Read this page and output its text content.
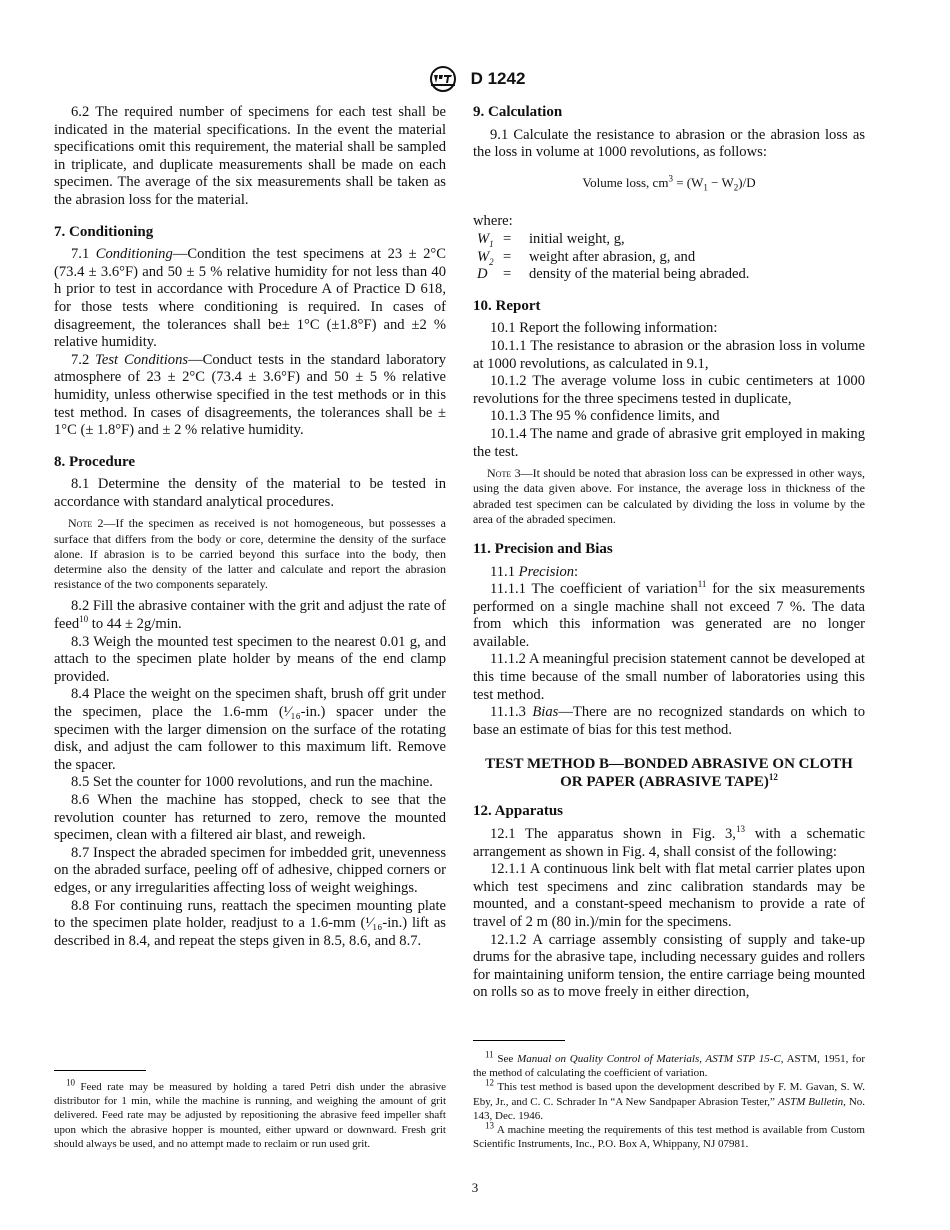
D 1242

6.2 The required number of specimens for each test shall be indicated in the material specifications. In the event the material specifications omit this requirement, the material shall be sampled in triplicate, and duplicate measurements shall be made on each specimen. The average of the six measurements shall be taken as the abrasion loss for the material.

7. Conditioning

7.1 Conditioning—Condition the test specimens at 23 ± 2°C (73.4 ± 3.6°F) and 50 ± 5 % relative humidity for not less than 40 h prior to test in accordance with Procedure A of Practice D 618, for those tests where conditioning is required. In cases of disagreement, the tolerances shall be± 1°C (±1.8°F) and ±2 % relative humidity.

7.2 Test Conditions—Conduct tests in the standard laboratory atmosphere of 23 ± 2°C (73.4 ± 3.6°F) and 50 ± 5 % relative humidity, unless otherwise specified in the test methods or in this test method. In cases of disagreements, the tolerances shall be ± 1°C (± 1.8°F) and ± 2 % relative humidity.

8. Procedure

8.1 Determine the density of the material to be tested in accordance with standard analytical procedures.

Note 2—If the specimen as received is not homogeneous, but possesses a surface that differs from the body or core, determine the density of the surface alone. If abrasion is to be carried beyond this surface into the body, then determine also the density of the latter and calculate and report the abrasion resistance of the two components separately.

8.2 Fill the abrasive container with the grit and adjust the rate of feed$^{10}$ to 44 ± 2g/min.

8.3 Weigh the mounted test specimen to the nearest 0.01 g, and attach to the specimen plate holder by means of the end clamp provided.

8.4 Place the weight on the specimen shaft, brush off grit under the specimen, place the 1.6-mm (¹⁄₁₆-in.) spacer under the specimen with the larger dimension on the surface of the rotating disk, and adjust the cam follower to this maximum lift. Remove the spacer.

8.5 Set the counter for 1000 revolutions, and run the machine.

8.6 When the machine has stopped, check to see that the revolution counter has returned to zero, remove the mounted specimen, clean with a filtered air blast, and reweigh.

8.7 Inspect the abraded specimen for imbedded grit, unevenness on the abraded surface, peeling off of adhesive, chipped corners or edges, or any irregularities affecting loss of weight weighings.

8.8 For continuing runs, reattach the specimen mounting plate to the specimen plate holder, readjust to a 1.6-mm (¹⁄₁₆-in.) lift as described in 8.4, and repeat the steps given in 8.5, 8.6, and 8.7.

$^{10}$ Feed rate may be measured by holding a tared Petri dish under the abrasive distributor for 1 min, while the machine is running, and weighing the amount of grit delivered. Feed rate may be adjusted by repositioning the abrasive feed impeller shaft upon which the abrasive hopper is mounted, either upward or downward. Fresh grit should always be used, and no attempt made to reclaim or run used grit.

9. Calculation

9.1 Calculate the resistance to abrasion or the abrasion loss as the loss in volume at 1000 revolutions, as follows:

Volume loss, $cm^3 = (W_1 - W_2)/D$

where:

$W_1$	=	initial weight, g,
$W_2$	=	weight after abrasion, g, and
D	=	density of the material being abraded.
10. Report

10.1 Report the following information:

10.1.1 The resistance to abrasion or the abrasion loss in volume at 1000 revolutions, as calculated in 9.1,

10.1.2 The average volume loss in cubic centimeters at 1000 revolutions for the three specimens tested in duplicate,

10.1.3 The 95 % confidence limits, and

10.1.4 The name and grade of abrasive grit employed in making the test.

Note 3—It should be noted that abrasion loss can be expressed in other ways, using the data given above. For instance, the average loss in thickness of the abraded test specimen can be calculated by dividing the loss in volume by the area of the abraded specimen.

11. Precision and Bias

11.1 Precision:

11.1.1 The coefficient of variation$^{11}$ for the six measurements performed on a single machine shall not exceed 7 %. The data from which this information was generated are no longer available.

11.1.2 A meaningful precision statement cannot be developed at this time because of the small number of laboratories using this test method.

11.1.3 Bias—There are no recognized standards on which to base an estimate of bias for this test method.

TEST METHOD B—BONDED ABRASIVE ON CLOTH OR PAPER (ABRASIVE TAPE)$^{12}$
12. Apparatus

12.1 The apparatus shown in Fig. 3,13 with a schematic arrangement as shown in Fig. 4, shall consist of the following:

12.1.1 A continuous link belt with flat metal carrier plates upon which test specimens and zinc calibration standards may be mounted, and a constant-speed mechanism to provide a rate of travel of 2 m (80 in.)/min for the specimens.

12.1.2 A carriage assembly consisting of supply and take-up drums for the abrasive tape, including necessary guides and rollers for maintaining uniform tension, the entire carriage being mounted on rolls so as to move freely in either direction,

$^{11}$ See Manual on Quality Control of Materials, ASTM STP 15-C, ASTM, 1951, for the method of calculating the coefficient of variation.

$^{12}$ This test method is based upon the development described by F. M. Gavan, S. W. Eby, Jr., and C. C. Schrader In “A New Sandpaper Abrasion Tester,” ASTM Bulletin, No. 143, Dec. 1946.

$^{13}$ A machine meeting the requirements of this test method is available from Custom Scientific Instruments, Inc., P.O. Box A, Whippany, NJ 07981.

3
